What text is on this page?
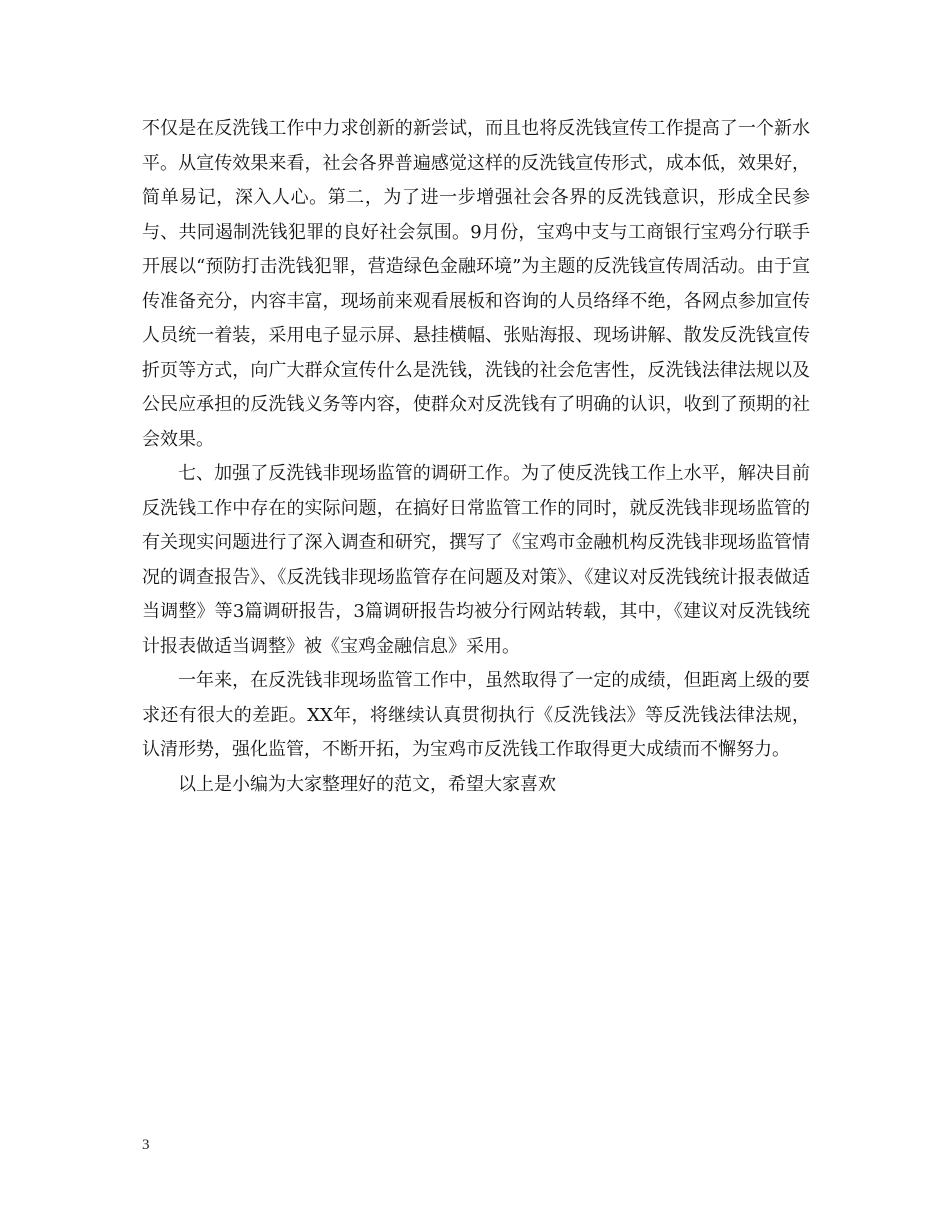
不仅是在反洗钱工作中力求创新的新尝试，而且也将反洗钱宣传工作提高了一个新水平。从宣传效果来看，社会各界普遍感觉这样的反洗钱宣传形式，成本低，效果好，简单易记，深入人心。第二，为了进一步增强社会各界的反洗钱意识，形成全民参与、共同遏制洗钱犯罪的良好社会氛围。9月份，宝鸡中支与工商银行宝鸡分行联手开展以“预防打击洗钱犯罪，营造绿色金融环境”为主题的反洗钱宣传周活动。由于宣传准备充分，内容丰富，现场前来观看展板和咨询的人员络绎不绝，各网点参加宣传人员统一着装，采用电子显示屏、悬挂横幅、张贴海报、现场讲解、散发反洗钱宣传折页等方式，向广大群众宣传什么是洗钱，洗钱的社会危害性，反洗钱法律法规以及公民应承担的反洗钱义务等内容，使群众对反洗钱有了明确的认识，收到了预期的社会效果。

七、加强了反洗钱非现场监管的调研工作。为了使反洗钱工作上水平，解决目前反洗钱工作中存在的实际问题，在搞好日常监管工作的同时，就反洗钱非现场监管的有关现实问题进行了深入调查和研究，撰写了《宝鸡市金融机构反洗钱非现场监管情况的调查报告》、《反洗钱非现场监管存在问题及对策》、《建议对反洗钱统计报表做适当调整》等3篇调研报告，3篇调研报告均被分行网站转载，其中，《建议对反洗钱统计报表做适当调整》被《宝鸡金融信息》采用。

一年来，在反洗钱非现场监管工作中，虽然取得了一定的成绩，但距离上级的要求还有很大的差距。XX年，将继续认真贯彻执行《反洗钱法》等反洗钱法律法规，认清形势，强化监管，不断开拓，为宝鸡市反洗钱工作取得更大成绩而不懈努力。

以上是小编为大家整理好的范文，希望大家喜欢

3
